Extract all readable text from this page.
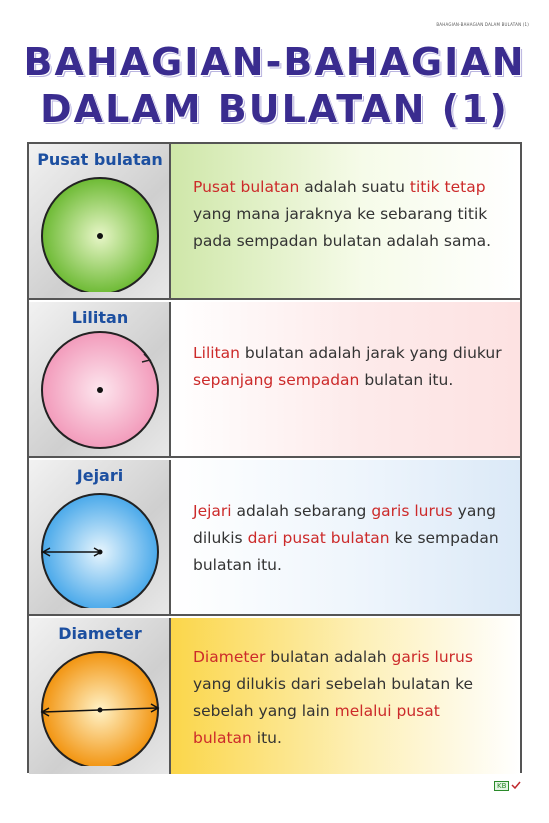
BAHAGIAN-BAHAGIAN DALAM BULATAN (1)
BAHAGIAN-BAHAGIAN
DALAM BULATAN (1)
Pusat bulatan
Pusat bulatan adalah suatu titik tetap yang mana jaraknya ke sebarang titik pada sempadan bulatan adalah sama.
Lilitan
Lilitan bulatan adalah jarak yang diukur sepanjang sempadan bulatan itu.
Jejari
Jejari adalah sebarang garis lurus yang dilukis dari pusat bulatan ke sempadan bulatan itu.
Diameter
Diameter bulatan adalah garis lurus yang dilukis dari sebelah bulatan ke sebelah yang lain melalui pusat bulatan itu.
KB
